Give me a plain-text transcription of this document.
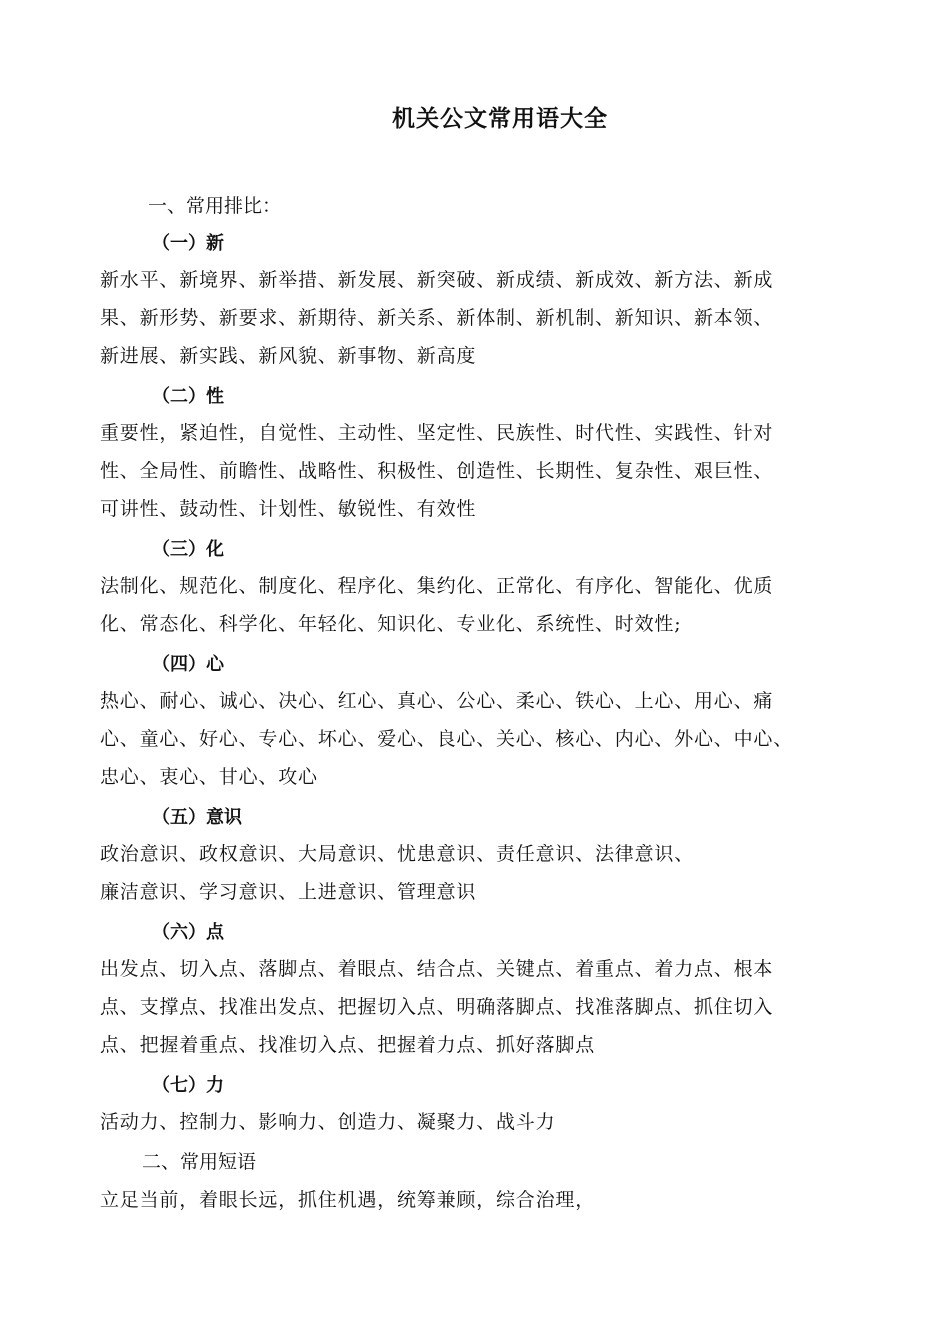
机关公文常用语大全

一、常用排比：

（一）新

新水平、新境界、新举措、新发展、新突破、新成绩、新成效、新方法、新成

果、新形势、新要求、新期待、新关系、新体制、新机制、新知识、新本领、

新进展、新实践、新风貌、新事物、新高度

（二）性

重要性，紧迫性，自觉性、主动性、坚定性、民族性、时代性、实践性、针对

性、全局性、前瞻性、战略性、积极性、创造性、长期性、复杂性、艰巨性、

可讲性、鼓动性、计划性、敏锐性、有效性

（三）化

法制化、规范化、制度化、程序化、集约化、正常化、有序化、智能化、优质

化、常态化、科学化、年轻化、知识化、专业化、系统性、时效性;

（四）心

热心、耐心、诚心、决心、红心、真心、公心、柔心、铁心、上心、用心、痛

心、童心、好心、专心、坏心、爱心、良心、关心、核心、内心、外心、中心、

忠心、衷心、甘心、攻心

（五）意识

政治意识、政权意识、大局意识、忧患意识、责任意识、法律意识、

廉洁意识、学习意识、上进意识、管理意识

（六）点

出发点、切入点、落脚点、着眼点、结合点、关键点、着重点、着力点、根本

点、支撑点、找准出发点、把握切入点、明确落脚点、找准落脚点、抓住切入

点、把握着重点、找准切入点、把握着力点、抓好落脚点

（七）力

活动力、控制力、影响力、创造力、凝聚力、战斗力

二、常用短语

立足当前，着眼长远，抓住机遇，统筹兼顾，综合治理，
